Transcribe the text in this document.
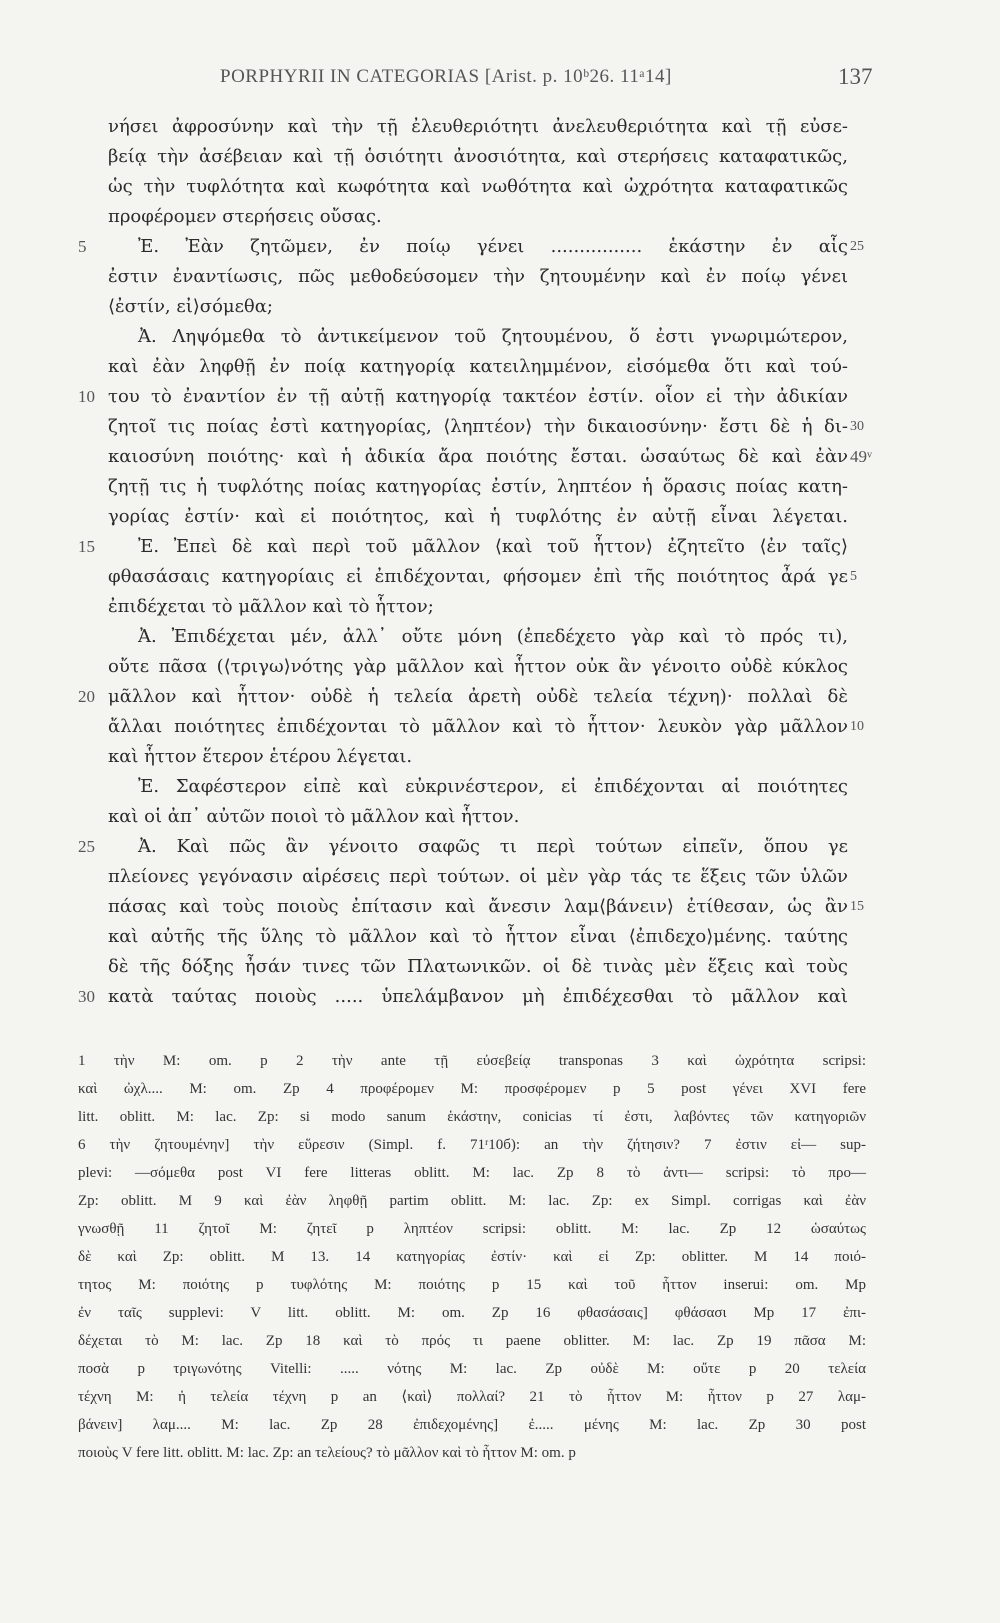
PORPHYRII IN CATEGORIAS [Arist. p. 10ᵇ26. 11ᵃ14]	137
νήσει ἀφροσύνην καὶ τὴν τῇ ἐλευθεριότητι ἀνελευθεριότητα καὶ τῇ εὐσε-
βείᾳ τὴν ἀσέβειαν καὶ τῇ ὁσιότητι ἀνοσιότητα, καὶ στερήσεις καταφατικῶς,
ὡς τὴν τυφλότητα καὶ κωφότητα καὶ νωθότητα καὶ ὠχρότητα καταφατικῶς
προφέρομεν στερήσεις οὔσας.
5	Ἐ. Ἐὰν ζητῶμεν, ἐν ποίῳ γένει ................ ἑκάστην ἐν αἷς 25
ἐστιν ἐναντίωσις, πῶς μεθοδεύσομεν τὴν ζητουμένην καὶ ἐν ποίῳ γένει
⟨ἐστίν, εἰ⟩σόμεθα;
Ἀ. Ληψόμεθα τὸ ἀντικείμενον τοῦ ζητουμένου, ὅ ἐστι γνωριμώτερον,
καὶ ἐὰν ληφθῇ ἐν ποίᾳ κατηγορίᾳ κατειλημμένον, εἰσόμεθα ὅτι καὶ τού-
10 του τὸ ἐναντίον ἐν τῇ αὐτῇ κατηγορίᾳ τακτέον ἐστίν. οἷον εἰ τὴν ἀδικίαν
ζητοῖ τις ποίας ἐστὶ κατηγορίας, ⟨ληπτέον⟩ τὴν δικαιοσύνην· ἔστι δὲ ἡ δι- 30
καιοσύνη ποιότης· καὶ ἡ ἀδικία ἄρα ποιότης ἔσται. ὡσαύτως δὲ καὶ ἐὰν 49ᵛ
ζητῇ τις ἡ τυφλότης ποίας κατηγορίας ἐστίν, ληπτέον ἡ ὅρασις ποίας κατη-
γορίας ἐστίν· καὶ εἰ ποιότητος, καὶ ἡ τυφλότης ἐν αὐτῇ εἶναι λέγεται.
15	Ἐ. Ἐπεὶ δὲ καὶ περὶ τοῦ μᾶλλον ⟨καὶ τοῦ ἧττον⟩ ἐζητεῖτο ⟨ἐν ταῖς⟩
φθασάσαις κατηγορίαις εἰ ἐπιδέχονται, φήσομεν ἐπὶ τῆς ποιότητος ἆρά γε 5
ἐπιδέχεται τὸ μᾶλλον καὶ τὸ ἧττον;
Ἀ. Ἐπιδέχεται μέν, ἀλλ᾽ οὔτε μόνη (ἐπεδέχετο γὰρ καὶ τὸ πρός τι),
οὔτε πᾶσα (⟨τριγω⟩νότης γὰρ μᾶλλον καὶ ἧττον οὐκ ἂν γένοιτο οὐδὲ κύκλος
20 μᾶλλον καὶ ἧττον· οὐδὲ ἡ τελεία ἀρετὴ οὐδὲ τελεία τέχνη)· πολλαὶ δὲ
ἄλλαι ποιότητες ἐπιδέχονται τὸ μᾶλλον καὶ τὸ ἧττον· λευκὸν γὰρ μᾶλλον 10
καὶ ἧττον ἕτερον ἑτέρου λέγεται.
Ἐ. Σαφέστερον εἰπὲ καὶ εὐκρινέστερον, εἰ ἐπιδέχονται αἱ ποιότητες
καὶ οἱ ἀπ᾽ αὐτῶν ποιοὶ τὸ μᾶλλον καὶ ἧττον.
25	Ἀ. Καὶ πῶς ἂν γένοιτο σαφῶς τι περὶ τούτων εἰπεῖν, ὅπου γε
πλείονες γεγόνασιν αἱρέσεις περὶ τούτων. οἱ μὲν γὰρ τάς τε ἕξεις τῶν ὑλῶν
πάσας καὶ τοὺς ποιοὺς ἐπίτασιν καὶ ἄνεσιν λαμ⟨βάνειν⟩ ἐτίθεσαν, ὡς ἂν
καὶ αὐτῆς τῆς ὕλης τὸ μᾶλλον καὶ τὸ ἧττον εἶναι ⟨ἐπιδεχο⟩μένης. ταύτης
15
δὲ τῆς δόξης ἦσάν τινες τῶν Πλατωνικῶν. οἱ δὲ τινὰς μὲν ἕξεις καὶ τοὺς
30 κατὰ ταύτας ποιοὺς ..... ὑπελάμβανον μὴ ἐπιδέχεσθαι τὸ μᾶλλον καὶ
1 τὴν M: om. p 2 τὴν ante τῇ εὐσεβείᾳ transponas 3 καὶ ὠχρότητα scripsi:
καὶ ὠχλ.... M: om. Zp 4 προφέρομεν M: προσφέρομεν p 5 post γένει XVI fere
litt. oblitt. M: lac. Zp: si modo sanum ἑκάστην, conicias τί ἐστι, λαβόντες τῶν κατηγοριῶν
6 τὴν ζητουμένην] τὴν εὕρεσιν (Simpl. f. 71ʳ10б): an τὴν ζήτησιν? 7 ἐστιν εἰ— sup-
plevi: —σόμεθα post VI fere litteras oblitt. M: lac. Zp 8 τὸ ἀντι— scripsi: τὸ προ—
Zp: oblitt. M 9 καὶ ἐὰν ληφθῇ partim oblitt. M: lac. Zp: ex Simpl. corrigas καὶ ἐὰν
γνωσθῇ 11 ζητοῖ M: ζητεῖ p ληπτέον scripsi: oblitt. M: lac. Zp 12 ὡσαύτως
δὲ καὶ Zp: oblitt. M 13. 14 κατηγορίας ἐστίν· καὶ εἰ Zp: oblitter. M 14 ποιό-
τητος M: ποιότης p τυφλότης M: ποιότης p 15 καὶ τοῦ ἧττον inserui: om. Mp
ἐν ταῖς supplevi: V litt. oblitt. M: om. Zp 16 φθασάσαις] φθάσασι Mp 17 ἐπι-
δέχεται τὸ M: lac. Zp 18 καὶ τὸ πρός τι paene oblitter. M: lac. Zp 19 πᾶσα M:
ποσὰ p τριγωνότης Vitelli: ..... νότης M: lac. Zp οὐδὲ M: οὔτε p 20 τελεία
τέχνη M: ἡ τελεία τέχνη p an ⟨καὶ⟩ πολλαί? 21 τὸ ἧττον M: ἧττον p 27 λαμ-
βάνειν] λαμ.... M: lac. Zp 28 ἐπιδεχομένης] ἐ..... μένης M: lac. Zp 30 post
ποιοὺς V fere litt. oblitt. M: lac. Zp: an τελείους? τὸ μᾶλλον καὶ τὸ ἧττον M: om. p
